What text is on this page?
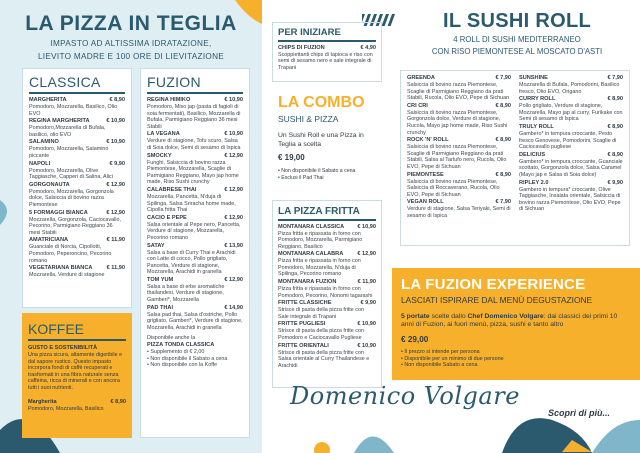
LA PIZZA IN TEGLIA
IMPASTO AD ALTISSIMA IDRATAZIONE,
LIEVITO MADRE E 100 ORE DI LIEVITAZIONE
CLASSICA
MARGHERITA	€ 8,90
Pomodoro, Mozzarella, Basilico, Olio EVO
REGINA MARGHERITA	€ 10,90
Pomodoro,Mozzarella di Bufala, basilico, olio EVO
SALAMINO	€ 10,90
Pomodoro, Mozzarella, Salamino piccante
NAPOLI	€ 9,90
Pomodoro, Mozzarella, Olive Taggiasche, Capperi di Salina, Alici
GORGONAUTA	€ 12,90
Pomodoro, Mozzarella, Gorgonzola dolce, Salsiccia di bovino razza Piemontese
5 FORMAGGI BIANCA	€ 12,90
Mozzarella, Gorgonzola, Caciocavallo, Pecorino, Parmigiano Reggiano 36 mesi Stabili
AMATRICIANA	€ 11,90
Guanciale di Norcia, Cipollotti, Pomodoro, Peperoncino, Pecorino romano
VEGETARIANA BIANCA	€ 11,90
Mozzarella, Verdure di stagione
FUZION
REGINA HIMIKO	€ 10,90
Pomodoro, Miso jap (pasta di fagioli di soia fermentati), Basilico, Mozzarella di Bufala, Parmigiano Reggiano 36 mesi Stabili
LA VEGANA	€ 10,90
Verdure di stagione, Tofu scuro, Salsa di Soia dolce, Semi di sesamo di Ispica
SMOCKY	€ 12,90
Funghi, Salsiccia di bovino razza Piemontese, Mozzarella, Scaglie di Parmigiano Reggiano, Mayo jap home made, Riso Sushi crunchy
CALABRESE THAI	€ 12,90
Mozzarella, Pancetta, N'duja di Spilinga, Salsa Sriracha home made, Cipolla fritta Thai
CACIO E PEPE	€ 12,90
Salsa orientale al Pepe nero, Pancetta, Verdure di stagione, Mozzarella, Pecorino romano
SATAY	€ 13,90
Salsa a base di Curry Thai e Arachidi con Latte di cocco, Pollo grigliato, Pancetta, Verdure di stagione, Mozzarella, Arachidi in granella
TOM YUM	€ 12,90
Salsa a base di erbe aromatiche thailandesi, Verdure di stagione, Gamberi*, Mozzarella
PAD THAI	€ 14,90
Salsa pad thai, Salsa d'ostriche, Pollo grigliato, Gamberi*, Verdure di stagione, Mozzarella, Arachidi in granella
Disponibile anche la
PIZZA TONDA CLASSICA
• Supplemento di € 2,00
• Non disponibile il Sabato a cena
• Non disponibile con la Koffe
KOFFEE
GUSTO E SOSTENIBILITÀ
Una pizza sicura, altamente digeribile e dal sapore rustico. Questo impasto incorpora fondi di caffè recuperati e trasformati in una fibra naturale senza caffeina, ricca di minerali e con ancora tutti i suoi nutrienti.
Margherita	€ 8,90
Pomodoro, Mozzarella, Basilico
PER INIZIARE
CHIPS DI FUZION	€ 4,90
Scoppiettanti chips di tapioca e riso con semi di sesamo nero e sale integrale di Trapani
LA COMBO
SUSHI & PIZZA
Un Sushi Roll e una Pizza in Teglia a scelta
€ 19,00
• Non disponibile il Sabato a cena
• Esclusi il Pad Thai
LA PIZZA FRITTA
MONTANARA CLASSICA € 10,90
Pizza fritta e ripassata in forno con Pomodoro, Mozzarella, Parmigiano Reggiano, Basilico
MONTANARA CALABRA	€ 12,90
Pizza fritta e ripassata in forno con Pomodoro, Mozzarella, N'duja di Spilinga, Pecorino romano
MONTANARA FUZION	€ 11,90
Pizza fritta e ripassata in forno con Pomodoro, Pecorino, Nonomi tagarashi
FRITTE CLASSICHE	€ 9,90
Strisce di pasta della pizza fritte con Sale integrale di Trapani
FRITTE PUGLIESI	€ 10,90
Strisce di pasta della pizza fritte con Pomodoro e Caciocavallo Pugliese
FRITTE ORIENTALI	€ 10,90
Strisce di pasta della pizza fritte con Salsa orientale al Curry Thailandese e Arachidi
IL SUSHI ROLL
4 ROLL DI SUSHI MEDITERRANEO
CON RISO PIEMONTESE AL MOSCATO D'ASTI
GREENDA	€ 7,90
Salsiccia di bovino razza Piemontese, Scaglie di Parmigiano Reggiano da prati Stabili, Rucola, Olio EVO, Pepe di Sichuan
CRI CRI	€ 8,90
Salsiccia di bovino razza Piemontese, Gorgonzola dolce, Verdure di stagione, Rucola, Mayo jap home made, Riso Sushi crunchy
ROCK 'N' ROLL	€ 8,90
Salsiccia di bovino razza Piemontese, Scaglie di Parmigiano Reggiano da prati Stabili, Salsa al Tartufo nero, Rucola, Olio EVO, Pepe di Sichuan
PIEMONTESE	€ 8,90
Salsiccia di bovino razza Piemontese, Salsiccia di Roccaverano, Rucola, Olio EVO, Pepe di Sichuan
VEGAN ROLL	€ 7,90
Verdure di stagione, Salsa Teriyaki, Semi di sesamo di Ispica
SUNSHINE	€ 7,90
Mozzarella di Bufala, Pomodorini, Basilico fresco, Olio EVO, Origano
CURRY ROLL	€ 8,90
Pollo grigliato, Verdure di stagione, Mozzarella, Mayo jap al curry, Furikake con Semi di sesamo di Ispica
TRULY ROLL	€ 8,90
Gambero* in tempura croccante, Pesto fresco Genovese, Pomodorini, Scaglie di Caciocavallo pugliese
DELICIUS	€ 8,90
Gambero* in tempura croccante, Guanciale scottato, Gorgonzola dolce, Salsa Caramel (Mayo jap e Salsa di Soia dolce)
RIPLEY 2.0	€ 9,90
Gambero in tempura* croccante, Olive Taggiasche, Insalata orientale, Salsiccia di bovino razza Piemontese, Olio EVO, Pepe di Sichuan
LA FUZION EXPERIENCE
LASCIATI ISPIRARE DAL MENÙ DEGUSTAZIONE
5 portate scelte dallo Chef Domenico Volgare: dai classici dei primi 10 anni di Fuzion, ai fuori menù, pizza, sushi e tanto altro
€ 29,00
• Il prezzo si intende per persona
• Disponibile per un minimo di due persone
• Non disponibile Sabato a cena
Domenico Volgare
Scopri di più...
